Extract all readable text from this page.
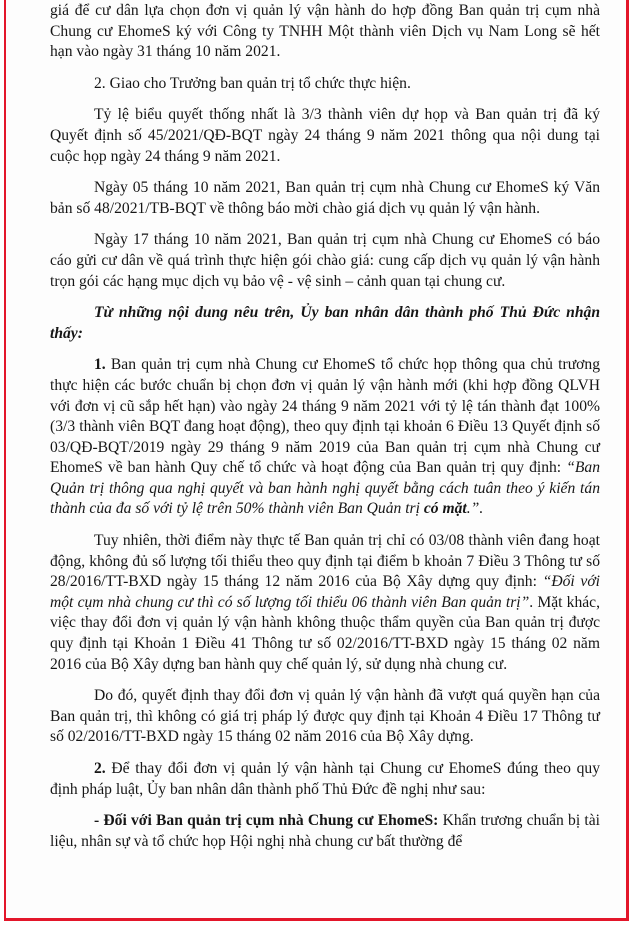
giá để cư dân lựa chọn đơn vị quản lý vận hành do hợp đồng Ban quản trị cụm nhà Chung cư EhomeS ký với Công ty TNHH Một thành viên Dịch vụ Nam Long sẽ hết hạn vào ngày 31 tháng 10 năm 2021.

2. Giao cho Trưởng ban quản trị tổ chức thực hiện.

Tỷ lệ biểu quyết thống nhất là 3/3 thành viên dự họp và Ban quản trị đã ký Quyết định số 45/2021/QĐ-BQT ngày 24 tháng 9 năm 2021 thông qua nội dung tại cuộc họp ngày 24 tháng 9 năm 2021.

Ngày 05 tháng 10 năm 2021, Ban quản trị cụm nhà Chung cư EhomeS ký Văn bản số 48/2021/TB-BQT về thông báo mời chào giá dịch vụ quản lý vận hành.

Ngày 17 tháng 10 năm 2021, Ban quản trị cụm nhà Chung cư EhomeS có báo cáo gửi cư dân về quá trình thực hiện gói chào giá: cung cấp dịch vụ quản lý vận hành trọn gói các hạng mục dịch vụ bảo vệ - vệ sinh – cảnh quan tại chung cư.

Từ những nội dung nêu trên, Ủy ban nhân dân thành phố Thủ Đức nhận thấy:

1. Ban quản trị cụm nhà Chung cư EhomeS tổ chức họp thông qua chủ trương thực hiện các bước chuẩn bị chọn đơn vị quản lý vận hành mới (khi hợp đồng QLVH với đơn vị cũ sắp hết hạn) vào ngày 24 tháng 9 năm 2021 với tỷ lệ tán thành đạt 100% (3/3 thành viên BQT đang hoạt động), theo quy định tại khoản 6 Điều 13 Quyết định số 03/QĐ-BQT/2019 ngày 29 tháng 9 năm 2019 của Ban quản trị cụm nhà Chung cư EhomeS về ban hành Quy chế tổ chức và hoạt động của Ban quản trị quy định: “Ban Quản trị thông qua nghị quyết và ban hành nghị quyết bằng cách tuân theo ý kiến tán thành của đa số với tỷ lệ trên 50% thành viên Ban Quản trị có mặt.”.

Tuy nhiên, thời điểm này thực tế Ban quản trị chỉ có 03/08 thành viên đang hoạt động, không đủ số lượng tối thiểu theo quy định tại điểm b khoản 7 Điều 3 Thông tư số 28/2016/TT-BXD ngày 15 tháng 12 năm 2016 của Bộ Xây dựng quy định: “Đối với một cụm nhà chung cư thì có số lượng tối thiểu 06 thành viên Ban quản trị”. Mặt khác, việc thay đổi đơn vị quản lý vận hành không thuộc thẩm quyền của Ban quản trị được quy định tại Khoản 1 Điều 41 Thông tư số 02/2016/TT-BXD ngày 15 tháng 02 năm 2016 của Bộ Xây dựng ban hành quy chế quản lý, sử dụng nhà chung cư.

Do đó, quyết định thay đổi đơn vị quản lý vận hành đã vượt quá quyền hạn của Ban quản trị, thì không có giá trị pháp lý được quy định tại Khoản 4 Điều 17 Thông tư số 02/2016/TT-BXD ngày 15 tháng 02 năm 2016 của Bộ Xây dựng.

2. Để thay đổi đơn vị quản lý vận hành tại Chung cư EhomeS đúng theo quy định pháp luật, Ủy ban nhân dân thành phố Thủ Đức đề nghị như sau:

- Đối với Ban quản trị cụm nhà Chung cư EhomeS: Khẩn trương chuẩn bị tài liệu, nhân sự và tổ chức họp Hội nghị nhà chung cư bất thường để
